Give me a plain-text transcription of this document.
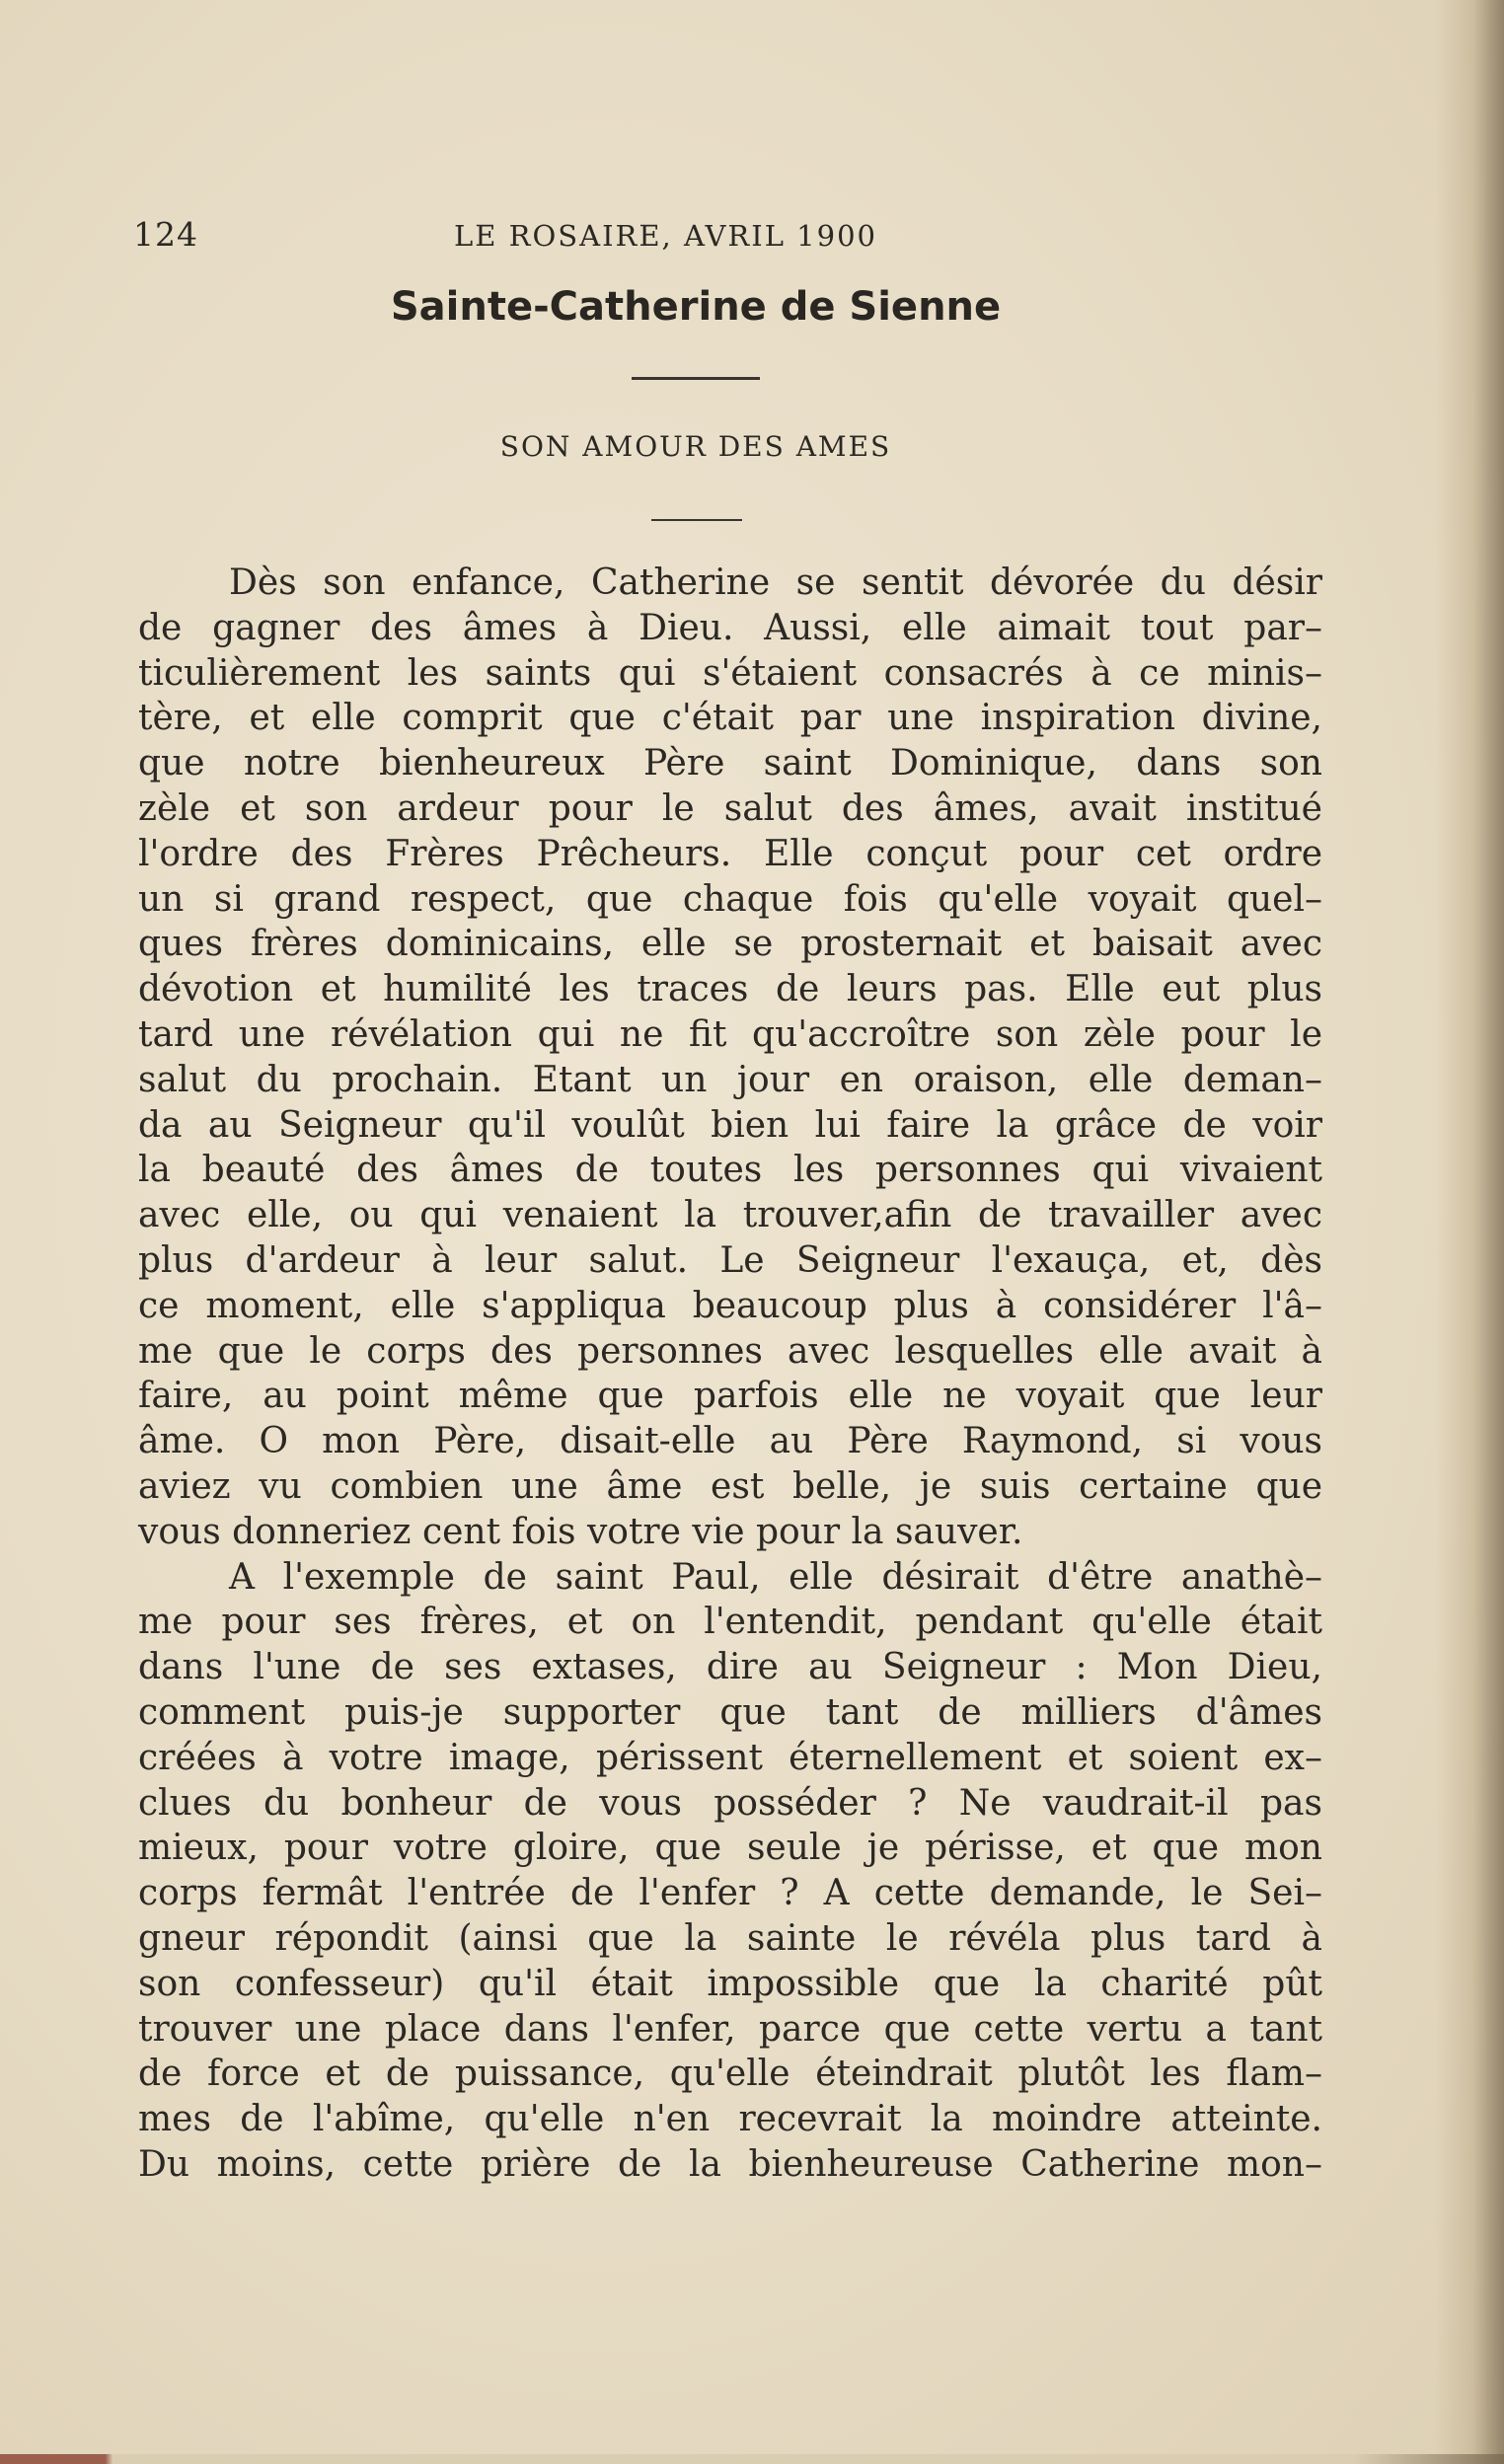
124	LE ROSAIRE, AVRIL 1900
Sainte-Catherine de Sienne
SON AMOUR DES AMES
Dès son enfance, Catherine se sentit dévorée du désir
de gagner des âmes à Dieu. Aussi, elle aimait tout par–
ticulièrement les saints qui s'étaient consacrés à ce minis–
tère, et elle comprit que c'était par une inspiration divine,
que notre bienheureux Père saint Dominique, dans son
zèle et son ardeur pour le salut des âmes, avait institué
l'ordre des Frères Prêcheurs. Elle conçut pour cet ordre
un si grand respect, que chaque fois qu'elle voyait quel–
ques frères dominicains, elle se prosternait et baisait avec
dévotion et humilité les traces de leurs pas. Elle eut plus
tard une révélation qui ne fit qu'accroître son zèle pour le
salut du prochain. Etant un jour en oraison, elle deman–
da au Seigneur qu'il voulût bien lui faire la grâce de voir
la beauté des âmes de toutes les personnes qui vivaient
avec elle, ou qui venaient la trouver,afin de travailler avec
plus d'ardeur à leur salut. Le Seigneur l'exauça, et, dès
ce moment, elle s'appliqua beaucoup plus à considérer l'â–
me que le corps des personnes avec lesquelles elle avait à
faire, au point même que parfois elle ne voyait que leur
âme. O mon Père, disait-elle au Père Raymond, si vous
aviez vu combien une âme est belle, je suis certaine que
vous donneriez cent fois votre vie pour la sauver.
A l'exemple de saint Paul, elle désirait d'être anathè–
me pour ses frères, et on l'entendit, pendant qu'elle était
dans l'une de ses extases, dire au Seigneur : Mon Dieu,
comment puis-je supporter que tant de milliers d'âmes
créées à votre image, périssent éternellement et soient ex–
clues du bonheur de vous posséder ? Ne vaudrait-il pas
mieux, pour votre gloire, que seule je périsse, et que mon
corps fermât l'entrée de l'enfer ? A cette demande, le Sei–
gneur répondit (ainsi que la sainte le révéla plus tard à
son confesseur) qu'il était impossible que la charité pût
trouver une place dans l'enfer, parce que cette vertu a tant
de force et de puissance, qu'elle éteindrait plutôt les flam–
mes de l'abîme, qu'elle n'en recevrait la moindre atteinte.
Du moins, cette prière de la bienheureuse Catherine mon–
